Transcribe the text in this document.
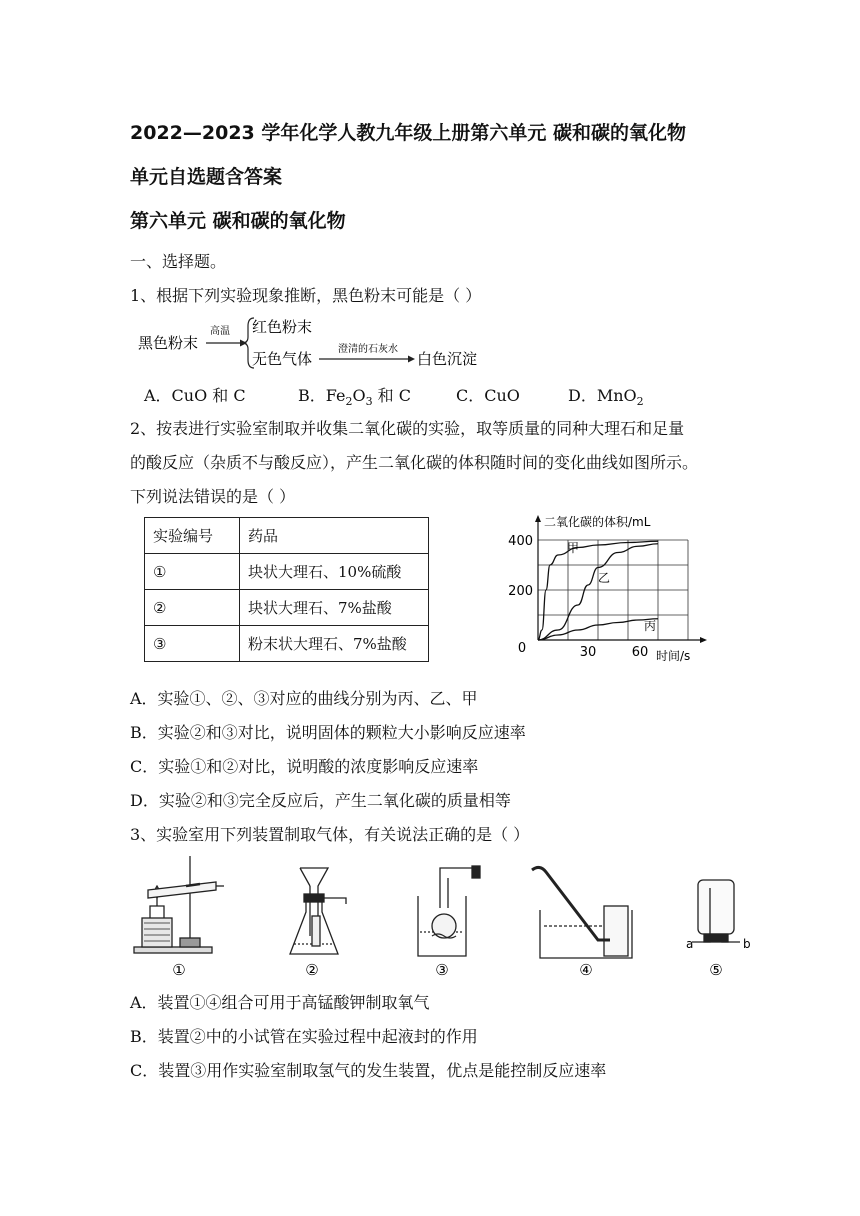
2022—2023 学年化学人教九年级上册第六单元 碳和碳的氧化物
单元自选题含答案
第六单元 碳和碳的氧化物
一、选择题。
1、根据下列实验现象推断，黑色粉末可能是（ ）
黑色粉末
高温 红色粉末
无色气体
澄清的石灰水
白色沉淀
A．CuO 和 C	B．$Fe_2O_3$ 和 C	C．CuO	D．MnO$_2$
2、按表进行实验室制取并收集二氧化碳的实验，取等质量的同种大理石和足量
的酸反应（杂质不与酸反应），产生二氧化碳的体积随时间的变化曲线如图所示。
下列说法错误的是（ ）
实验编号	药品
①	块状大理石、10%硫酸
②	块状大理石、7%盐酸
③	粉末状大理石、7%盐酸
二氧化碳的体积/mL
时间/s
0	30	60
200
400	甲
乙
丙
A．实验①、②、③对应的曲线分别为丙、乙、甲
B．实验②和③对比，说明固体的颗粒大小影响反应速率
C．实验①和②对比，说明酸的浓度影响反应速率
D．实验②和③完全反应后，产生二氧化碳的质量相等
3、实验室用下列装置制取气体，有关说法正确的是（ ）
①	②	③	④
a	b
⑤
A．装置①④组合可用于高锰酸钾制取氧气
B．装置②中的小试管在实验过程中起液封的作用
C．装置③用作实验室制取氢气的发生装置，优点是能控制反应速率
